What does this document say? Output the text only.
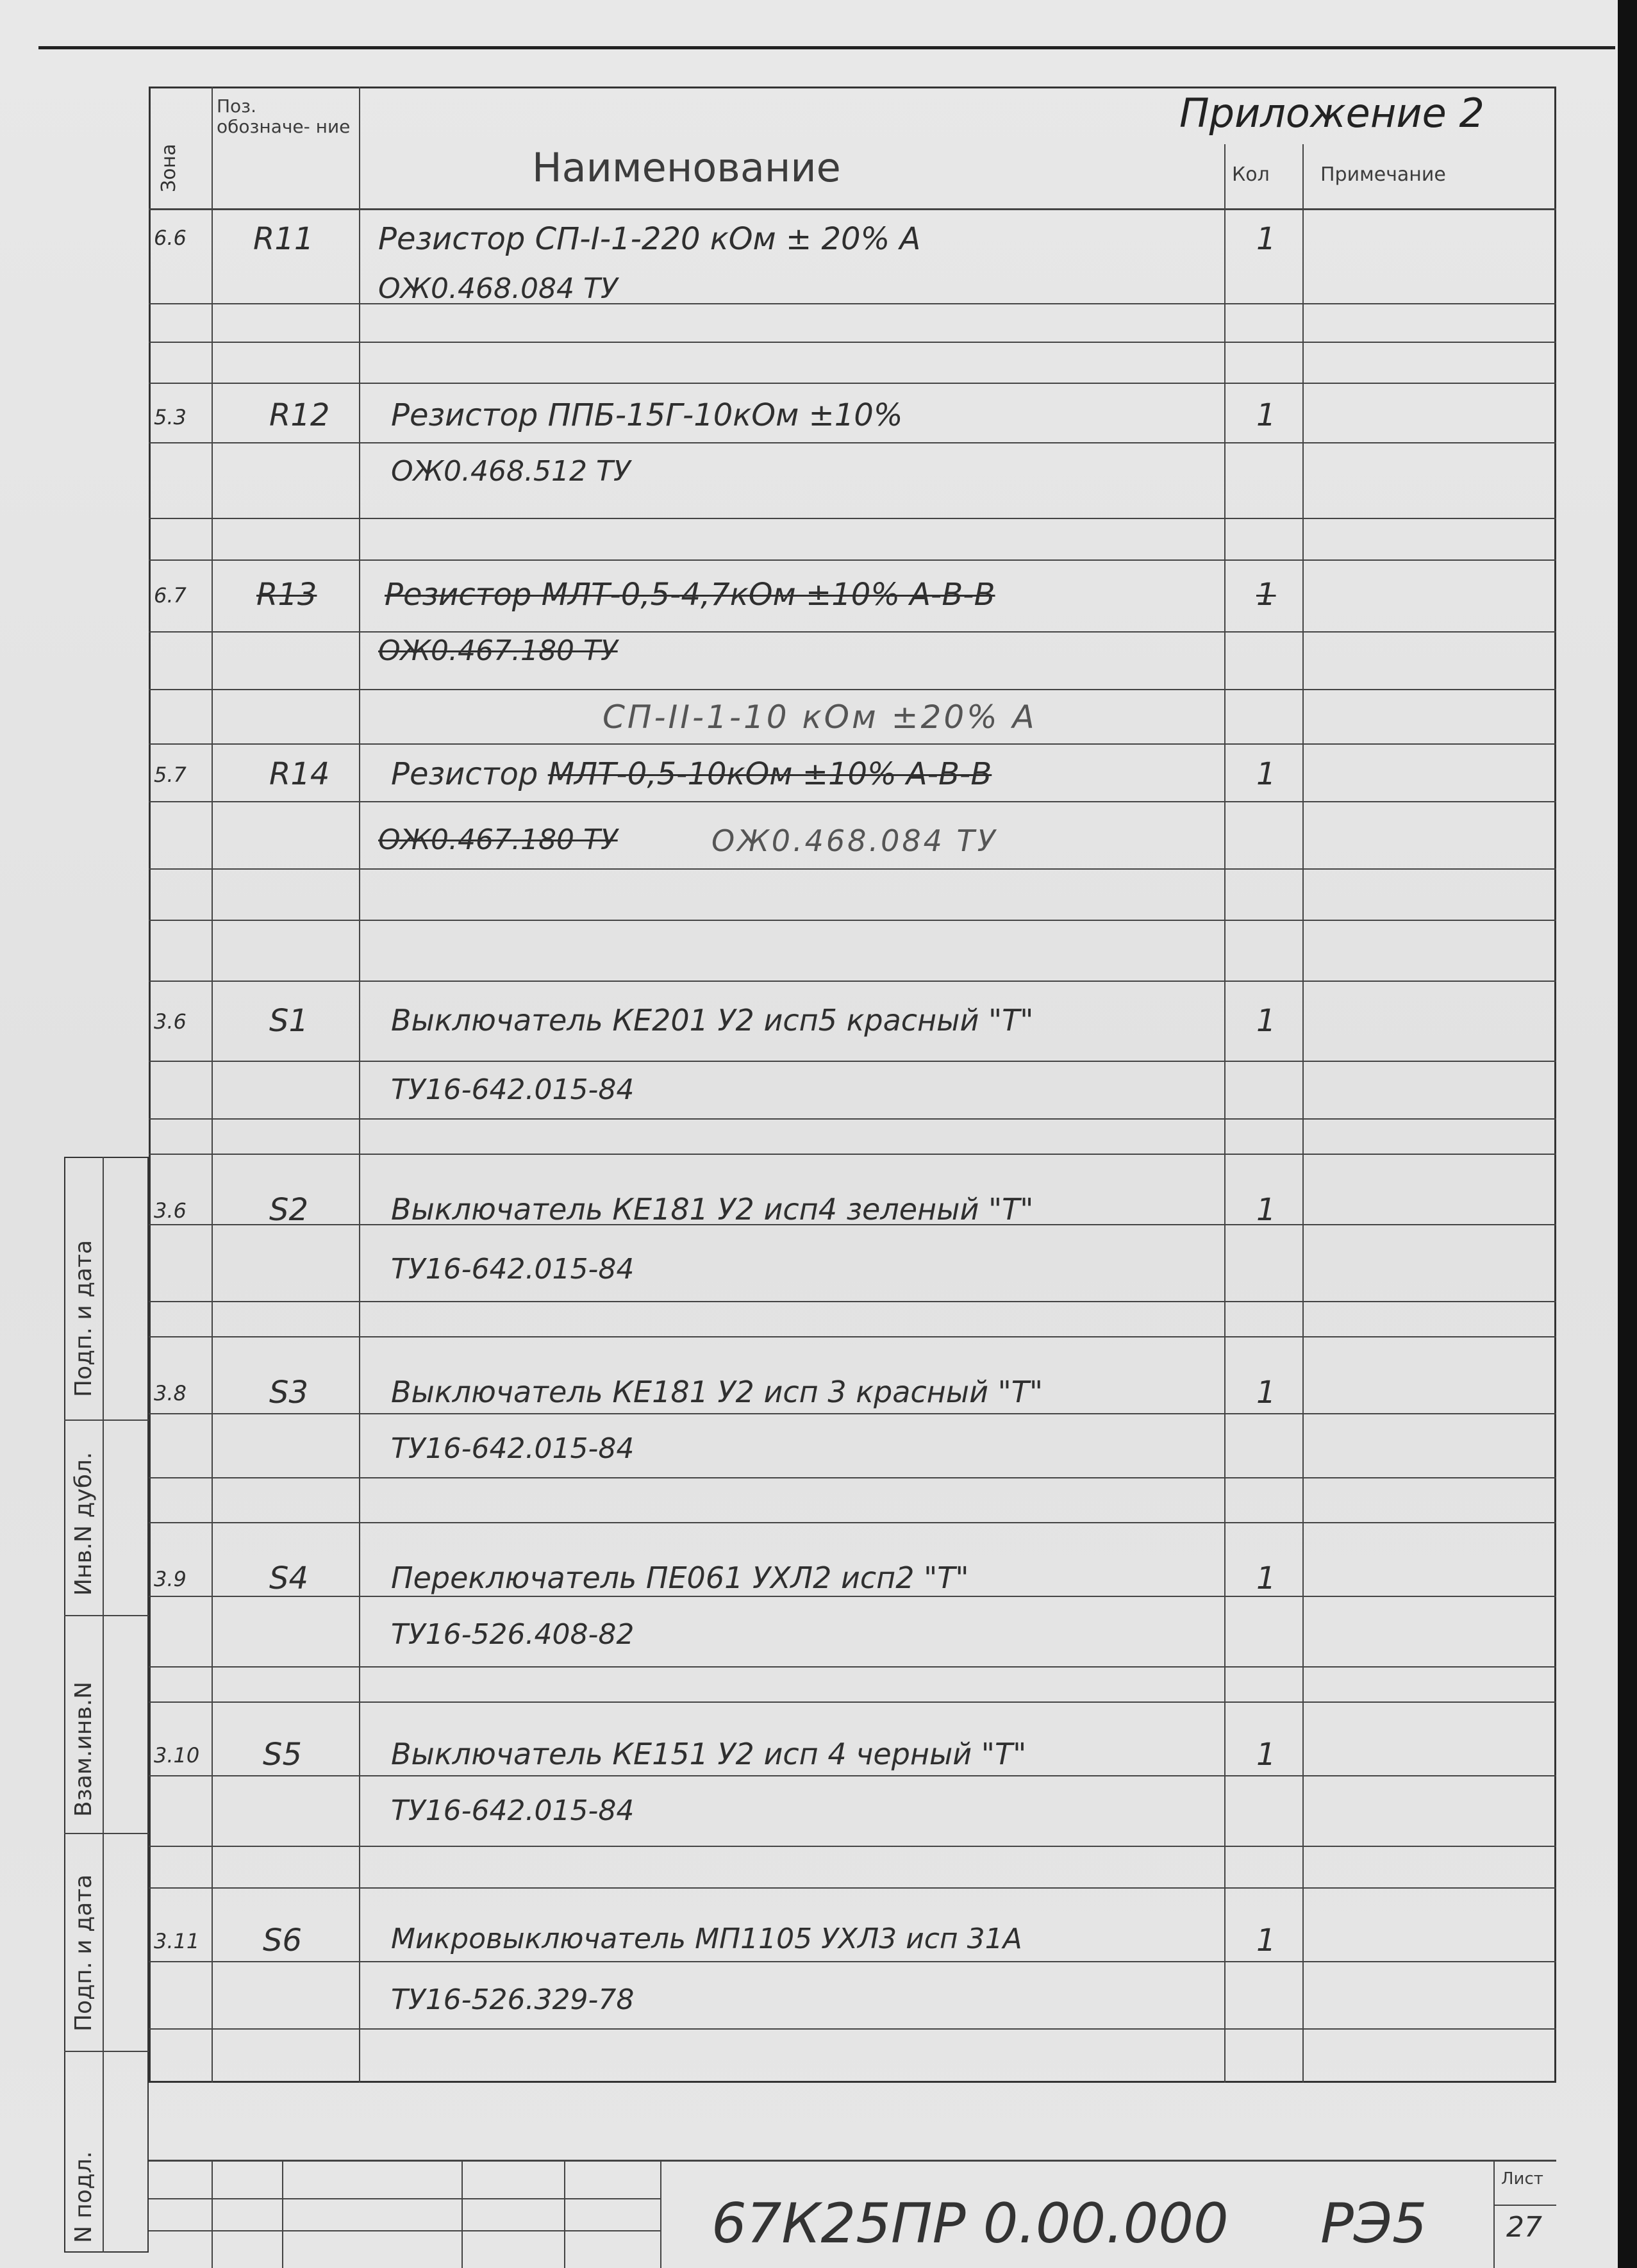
Зона
Поз. обозначе- ние
Наименование
Приложение 2
Кол	Примечание
6.6 R11 Резистор СП-I-1-220 кОм ± 20% А	1
ОЖ0.468.084 ТУ
5.3	R12 Резистор ППБ-15Г-10кОм ±10%	1
ОЖ0.468.512 ТУ
6.7 R13 Резистор МЛТ-0,5-4,7кОм ±10% А-В-В	1
ОЖ0.467.180 ТУ
СП-II-1-10 кОм ±20% А
5.7	R14 Резистор МЛТ-0,5-10кОм ±10% А-В-В	1
ОЖ0.467.180 ТУ	ОЖ0.468.084 ТУ
3.6	S1	Выключатель КЕ201 У2 исп5 красный "Т"	1
ТУ16-642.015-84
3.6	S2	Выключатель КЕ181 У2 исп4 зеленый "Т"	1
ТУ16-642.015-84
3.8	S3	Выключатель КЕ181 У2 исп 3 красный "Т"	1
ТУ16-642.015-84
3.9	S4	Переключатель ПЕ061 УХЛ2 исп2 "Т"	1
ТУ16-526.408-82
3.10 S5	Выключатель КЕ151 У2 исп 4 черный "Т"	1
ТУ16-642.015-84
3.11 S6	Микровыключатель МП1105 УХЛ3 исп 31А	1
ТУ16-526.329-78
Подп. и дата
Инв.N дубл.
Взам.инв.N
Подп. и дата
N подл.	67К25ПР 0.00.000 РЭ5
Лист
27
